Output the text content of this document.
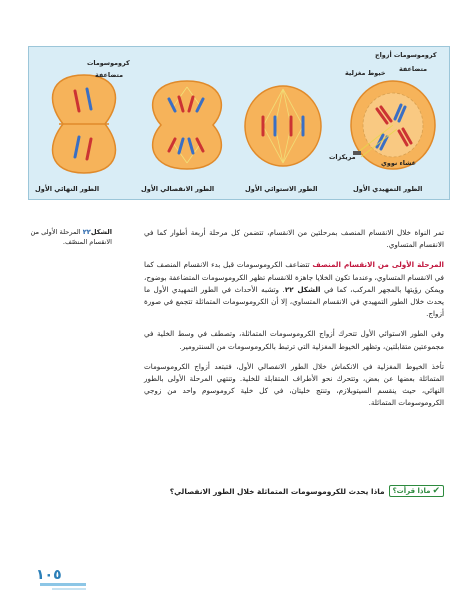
كروموسومات
متضاعفة
كروموسومات أزواج
متضاعفة
خيوط مغزلية
مريكزات
غشاء نووي
الطور التمهيدي الأول
الطور الاستوائي الأول
الطور الانفصالي الأول
الطور النهائي الأول
الشكل٢٢ المرحلة الأولى من الانقسام المنصّف.

تمر النواة خلال الانقسام المنصف بمرحلتين من الانقسام، تتضمن كل مرحلة أربعة أطوار كما في الانقسام المتساوي.

المرحلة الأولى من الانقسام المنصف تتضاعف الكروموسومات قبل بدء الانقسام المنصف كما في الانقسام المتساوي، وعندما تكون الخلايا جاهزة للانقسام تظهر الكروموسومات المتضاعفة بوضوح، ويمكن رؤيتها بالمجهر المركب، كما في الشكل ٢٢. وتشبه الأحداث في الطور التمهيدي الأول ما يحدث خلال الطور التمهيدي في الانقسام المتساوي، إلا أن الكروموسومات المتماثلة تتجمع في صورة أزواج.

وفي الطور الاستوائي الأول تتحرك أزواج الكروموسومات المتماثلة، وتصطف في وسط الخلية في مجموعتين متقابلتين، وتظهر الخيوط المغزلية التي ترتبط بالكروموسومات من السنترومير.

تأخذ الخيوط المغزلية في الانكماش خلال الطور الانفصالي الأول، فتبتعد أزواج الكروموسومات المتماثلة بعضها عن بعض، وتتحرك نحو الأطراف المتقابلة للخلية. وتنتهي المرحلة الأولى بالطور النهائي، حيث ينقسم السيتوبلازم، وتنتج خليتان، في كل خلية كروموسوم واحد من زوجي الكروموسومات المتماثلة.

✔
ماذا قرأت؟
ماذا يحدث للكروموسومات المتماثلة خلال الطور الانفصالي؟
١٠٥
